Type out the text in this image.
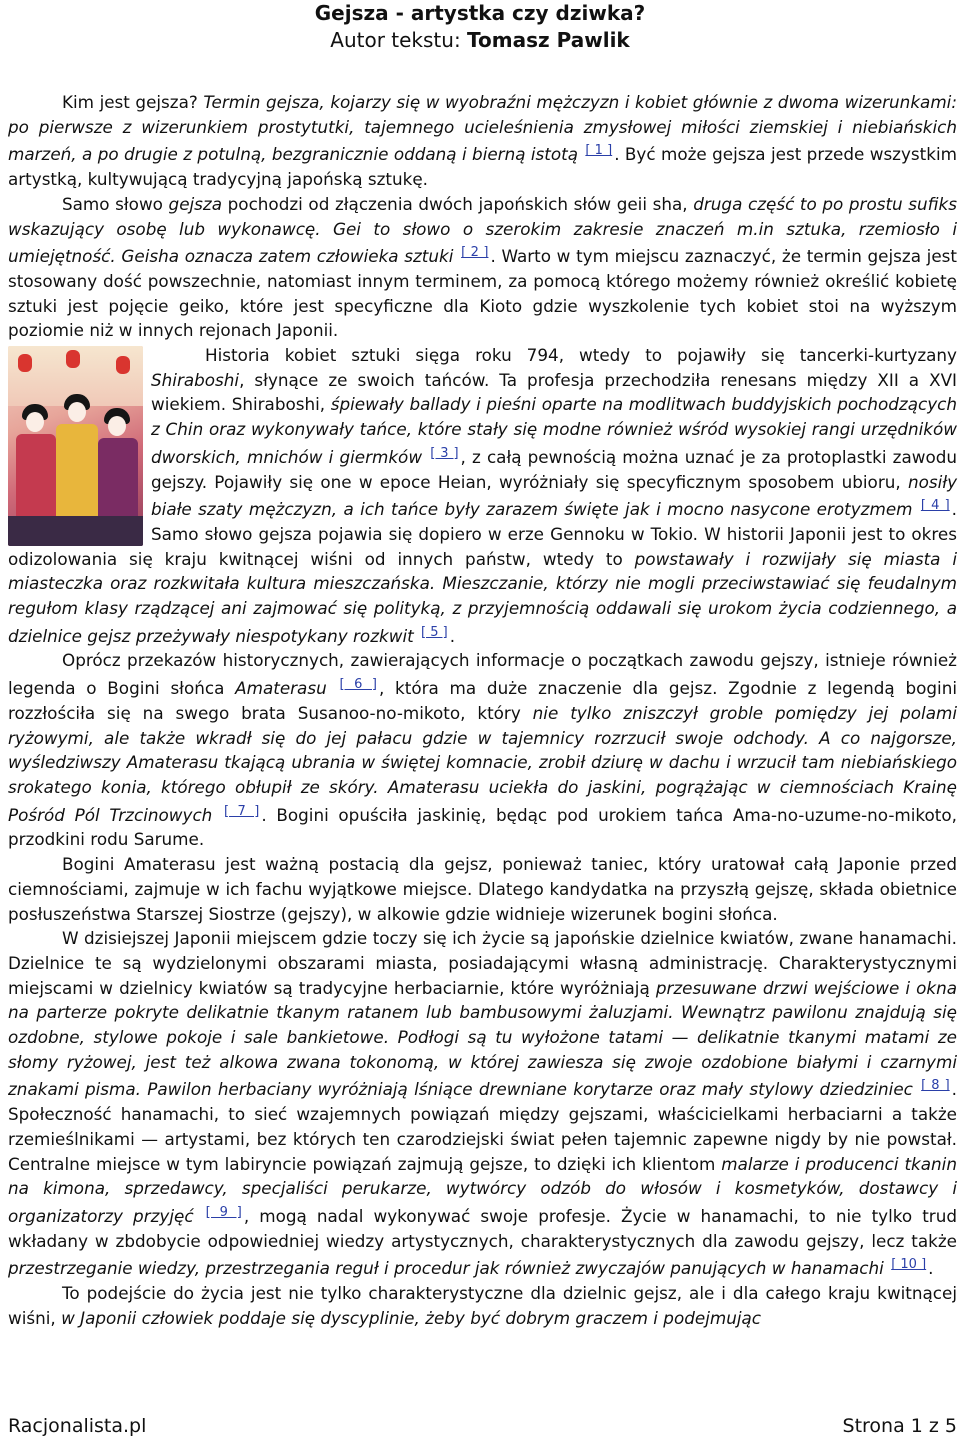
Gejsza - artystka czy dziwka?
Autor tekstu: Tomasz Pawlik

Kim jest gejsza? Termin gejsza, kojarzy się w wyobraźni mężczyzn i kobiet głównie z dwoma wizerunkami: po pierwsze z wizerunkiem prostytutki, tajemnego ucieleśnienia zmysłowej miłości ziemskiej i niebiańskich marzeń, a po drugie z potulną, bezgranicznie oddaną i bierną istotą [ 1 ] . Być może gejsza jest przede wszystkim artystką, kultywującą tradycyjną japońską sztukę.

Samo słowo gejsza pochodzi od złączenia dwóch japońskich słów geii sha, druga część to po prostu sufiks wskazujący osobę lub wykonawcę. Gei to słowo o szerokim zakresie znaczeń m.in sztuka, rzemiosło i umiejętność. Geisha oznacza zatem człowieka sztuki [ 2 ] . Warto w tym miejscu zaznaczyć, że termin gejsza jest stosowany dość powszechnie, natomiast innym terminem, za pomocą którego możemy również określić kobietę sztuki jest pojęcie geiko, które jest specyficzne dla Kioto gdzie wyszkolenie tych kobiet stoi na wyższym poziomie niż w innych rejonach Japonii.

Historia kobiet sztuki sięga roku 794, wtedy to pojawiły się tancerki-kurtyzany Shiraboshi, słynące ze swoich tańców. Ta profesja przechodziła renesans między XII a XVI wiekiem. Shiraboshi, śpiewały ballady i pieśni oparte na modlitwach buddyjskich pochodzących z Chin oraz wykonywały tańce, które stały się modne również wśród wysokiej rangi urzędników dworskich, mnichów i giermków [ 3 ] , z całą pewnością można uznać je za protoplastki zawodu gejszy. Pojawiły się one w epoce Heian, wyróżniały się specyficznym sposobem ubioru, nosiły białe szaty mężczyzn, a ich tańce były zarazem święte jak i mocno nasycone erotyzmem [ 4 ] . Samo słowo gejsza pojawia się dopiero w erze Gennoku w Tokio. W historii Japonii jest to okres odizolowania się kraju kwitnącej wiśni od innych państw, wtedy to powstawały i rozwijały się miasta i miasteczka oraz rozkwitała kultura mieszczańska. Mieszczanie, którzy nie mogli przeciwstawiać się feudalnym regułom klasy rządzącej ani zajmować się polityką, z przyjemnością oddawali się urokom życia codziennego, a dzielnice gejsz przeżywały niespotykany rozkwit [ 5 ] .

Oprócz przekazów historycznych, zawierających informacje o początkach zawodu gejszy, istnieje również legenda o Bogini słońca Amaterasu [ 6 ] , która ma duże znaczenie dla gejsz. Zgodnie z legendą bogini rozzłościła się na swego brata Susanoo-no-mikoto, który nie tylko zniszczył groble pomiędzy jej polami ryżowymi, ale także wkradł się do jej pałacu gdzie w tajemnicy rozrzucił swoje odchody. A co najgorsze, wyśledziwszy Amaterasu tkającą ubrania w świętej komnacie, zrobił dziurę w dachu i wrzucił tam niebiańskiego srokatego konia, którego obłupił ze skóry. Amaterasu uciekła do jaskini, pogrążając w ciemnościach Krainę Pośród Pól Trzcinowych [ 7 ] . Bogini opuściła jaskinię, będąc pod urokiem tańca Ama-no-uzume-no-mikoto, przodkini rodu Sarume.

Bogini Amaterasu jest ważną postacią dla gejsz, ponieważ taniec, który uratował całą Japonie przed ciemnościami, zajmuje w ich fachu wyjątkowe miejsce. Dlatego kandydatka na przyszłą gejszę, składa obietnice posłuszeństwa Starszej Siostrze (gejszy), w alkowie gdzie widnieje wizerunek bogini słońca.

W dzisiejszej Japonii miejscem gdzie toczy się ich życie są japońskie dzielnice kwiatów, zwane hanamachi. Dzielnice te są wydzielonymi obszarami miasta, posiadającymi własną administrację. Charakterystycznymi miejscami w dzielnicy kwiatów są tradycyjne herbaciarnie, które wyróżniają przesuwane drzwi wejściowe i okna na parterze pokryte delikatnie tkanym ratanem lub bambusowymi żaluzjami. Wewnątrz pawilonu znajdują się ozdobne, stylowe pokoje i sale bankietowe. Podłogi są tu wyłożone tatami — delikatnie tkanymi matami ze słomy ryżowej, jest też alkowa zwana tokonomą, w której zawiesza się zwoje ozdobione białymi i czarnymi znakami pisma. Pawilon herbaciany wyróżniają lśniące drewniane korytarze oraz mały stylowy dziedziniec [ 8 ] . Społeczność hanamachi, to sieć wzajemnych powiązań między gejszami, właścicielkami herbaciarni a także rzemieślnikami — artystami, bez których ten czarodziejski świat pełen tajemnic zapewne nigdy by nie powstał. Centralne miejsce w tym labiryncie powiązań zajmują gejsze, to dzięki ich klientom malarze i producenci tkanin na kimona, sprzedawcy, specjaliści perukarze, wytwórcy odzób do włosów i kosmetyków, dostawcy i organizatorzy przyjęć [ 9 ] , mogą nadal wykonywać swoje profesje. Życie w hanamachi, to nie tylko trud wkładany w zbdobycie odpowiedniej wiedzy artystycznych, charakterystycznych dla zawodu gejszy, lecz także przestrzeganie wiedzy, przestrzegania reguł i procedur jak również zwyczajów panujących w hanamachi [ 10 ] .

To podejście do życia jest nie tylko charakterystyczne dla dzielnic gejsz, ale i dla całego kraju kwitnącej wiśni, w Japonii człowiek poddaje się dyscyplinie, żeby być dobrym graczem i podejmując

Racjonalista.pl	Strona 1 z 5
